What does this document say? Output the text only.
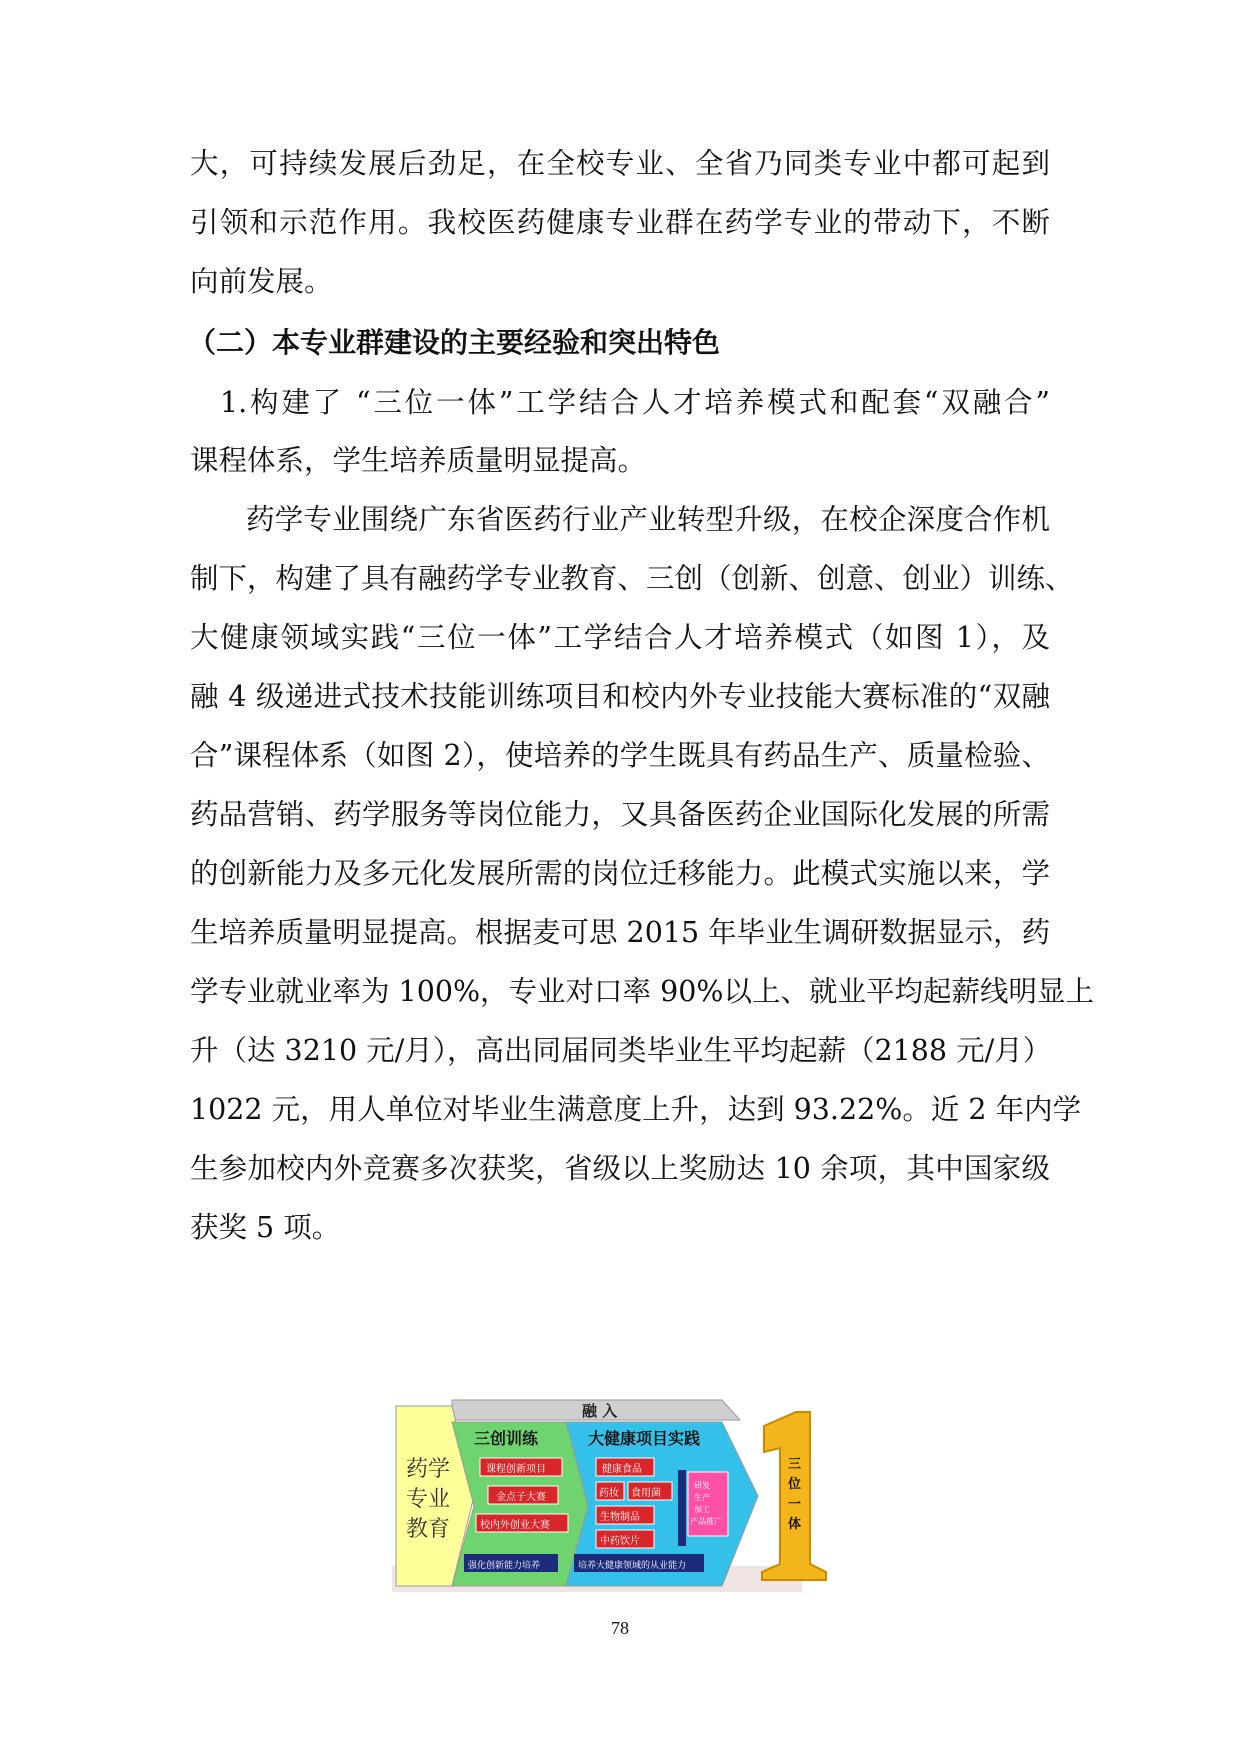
大，可持续发展后劲足，在全校专业、全省乃同类专业中都可起到
引领和示范作用。我校医药健康专业群在药学专业的带动下，不断
向前发展。
（二）本专业群建设的主要经验和突出特色
1.构建了 “三位一体”工学结合人才培养模式和配套“双融合”
课程体系，学生培养质量明显提高。
药学专业围绕广东省医药行业产业转型升级，在校企深度合作机
制下，构建了具有融药学专业教育、三创（创新、创意、创业）训练、
大健康领域实践“三位一体”工学结合人才培养模式（如图 1），及
融 4 级递进式技术技能训练项目和校内外专业技能大赛标准的“双融
合”课程体系（如图 2），使培养的学生既具有药品生产、质量检验、
药品营销、药学服务等岗位能力，又具备医药企业国际化发展的所需
的创新能力及多元化发展所需的岗位迁移能力。此模式实施以来，学
生培养质量明显提高。根据麦可思 2015 年毕业生调研数据显示，药
学专业就业率为 100%，专业对口率 90%以上、就业平均起薪线明显上
升（达 3210 元/月），高出同届同类毕业生平均起薪（2188 元/月）
1022 元，用人单位对毕业生满意度上升，达到 93.22%。近 2 年内学
生参加校内外竞赛多次获奖，省级以上奖励达 10 余项，其中国家级
获奖 5 项。
融 入
药学
专业
教育
三创训练
课程创新项目
金点子大赛
校内外创业大赛
强化创新能力培养
大健康项目实践
健康食品
药妆 食用菌
生物制品
中药饮片
研发
生产
加工
产品推广
培养大健康领域的从业能力
三
位
一
体
78
